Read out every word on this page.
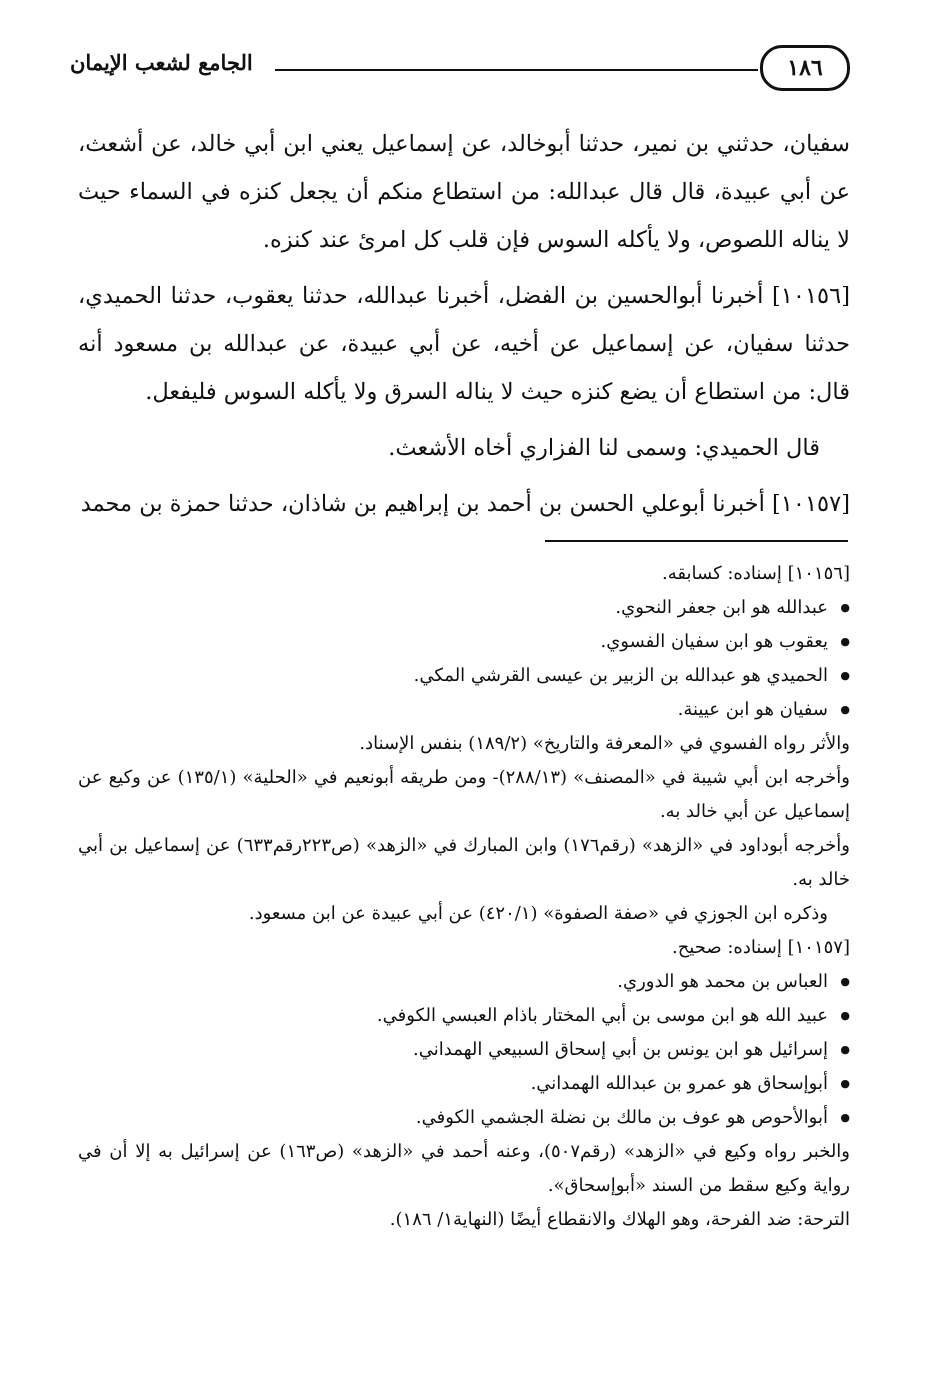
الجامع لشعب الإيمان	١٨٦
سفيان، حدثني بن نمير، حدثنا أبوخالد، عن إسماعيل يعني ابن أبي خالد، عن أشعث، عن أبي عبيدة، قال قال عبدالله: من استطاع منكم أن يجعل كنزه في السماء حيث لا يناله اللصوص، ولا يأكله السوس فإن قلب كل امرئ عند كنزه.
[١٠١٥٦] أخبرنا أبوالحسين بن الفضل، أخبرنا عبدالله، حدثنا يعقوب، حدثنا الحميدي، حدثنا سفيان، عن إسماعيل عن أخيه، عن أبي عبيدة، عن عبدالله بن مسعود أنه قال: من استطاع أن يضع كنزه حيث لا يناله السرق ولا يأكله السوس فليفعل.
قال الحميدي: وسمى لنا الفزاري أخاه الأشعث.
[١٠١٥٧] أخبرنا أبوعلي الحسن بن أحمد بن إبراهيم بن شاذان، حدثنا حمزة بن محمد
[١٠١٥٦] إسناده: كسابقه.
● عبدالله هو ابن جعفر النحوي.
● يعقوب هو ابن سفيان الفسوي.
● الحميدي هو عبدالله بن الزبير بن عيسى القرشي المكي.
● سفيان هو ابن عيينة.
والأثر رواه الفسوي في «المعرفة والتاريخ» (١٨٩/٢) بنفس الإسناد.
وأخرجه ابن أبي شيبة في «المصنف» (٢٨٨/١٣)- ومن طريقه أبونعيم في «الحلية» (١٣٥/١) عن وكيع عن إسماعيل عن أبي خالد به.
وأخرجه أبوداود في «الزهد» (رقم١٧٦) وابن المبارك في «الزهد» (ص٢٢٣رقم٦٣٣) عن إسماعيل بن أبي خالد به.
وذكره ابن الجوزي في «صفة الصفوة» (٤٢٠/١) عن أبي عبيدة عن ابن مسعود.
[١٠١٥٧] إسناده: صحيح.
● العباس بن محمد هو الدوري.
● عبيد الله هو ابن موسى بن أبي المختار باذام العبسي الكوفي.
● إسرائيل هو ابن يونس بن أبي إسحاق السبيعي الهمداني.
● أبوإسحاق هو عمرو بن عبدالله الهمداني.
● أبوالأحوص هو عوف بن مالك بن نضلة الجشمي الكوفي.
والخبر رواه وكيع في «الزهد» (رقم٥٠٧)، وعنه أحمد في «الزهد» (ص١٦٣) عن إسرائيل به إلا أن في رواية وكيع سقط من السند «أبوإسحاق».
الترحة: ضد الفرحة، وهو الهلاك والانقطاع أيضًا (النهاية١/ ١٨٦).
